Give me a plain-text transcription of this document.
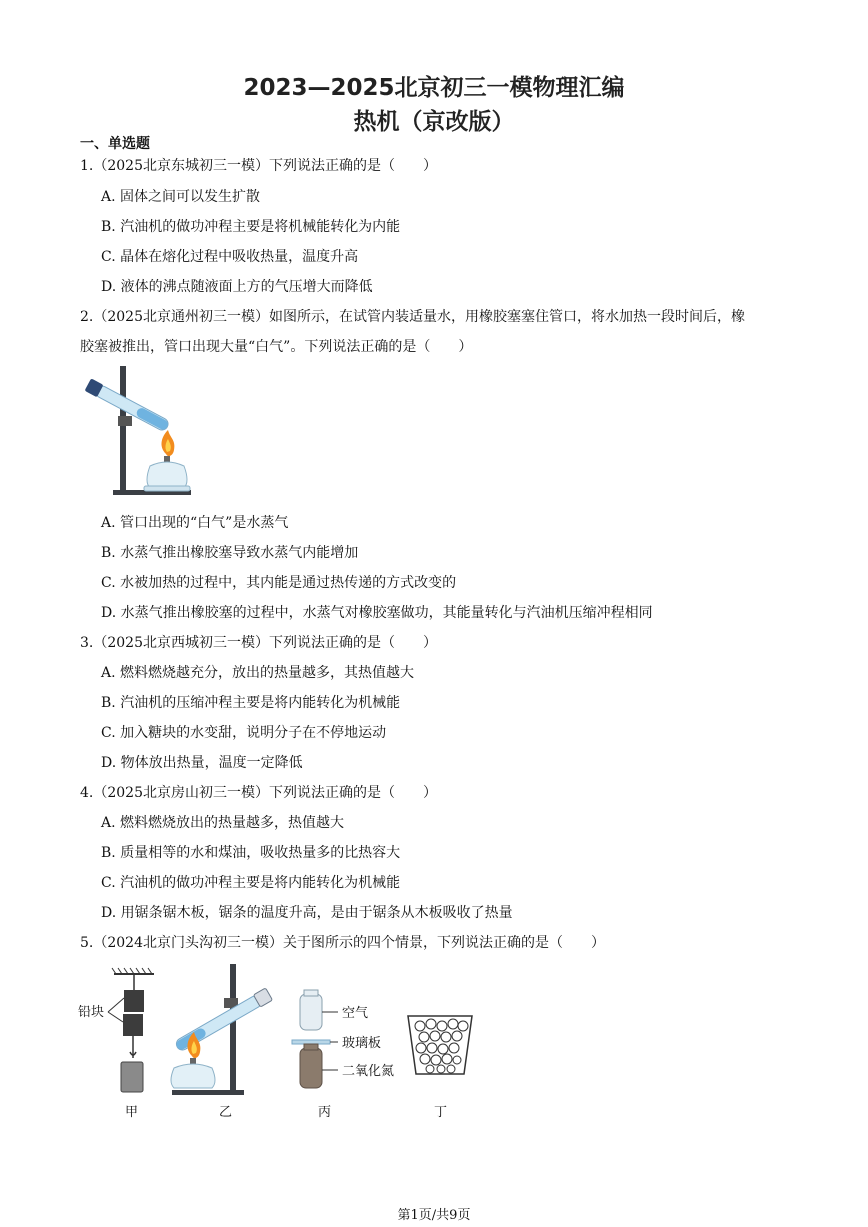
2023—2025北京初三一模物理汇编
热机（京改版）
一、单选题
1.（2025北京东城初三一模）下列说法正确的是（　　）
A. 固体之间可以发生扩散
B. 汽油机的做功冲程主要是将机械能转化为内能
C. 晶体在熔化过程中吸收热量，温度升高
D. 液体的沸点随液面上方的气压增大而降低
2.（2025北京通州初三一模）如图所示，在试管内装适量水，用橡胶塞塞住管口，将水加热一段时间后，橡
胶塞被推出，管口出现大量“白气”。下列说法正确的是（　　）
A. 管口出现的“白气”是水蒸气
B. 水蒸气推出橡胶塞导致水蒸气内能增加
C. 水被加热的过程中，其内能是通过热传递的方式改变的
D. 水蒸气推出橡胶塞的过程中，水蒸气对橡胶塞做功，其能量转化与汽油机压缩冲程相同
3.（2025北京西城初三一模）下列说法正确的是（　　）
A. 燃料燃烧越充分，放出的热量越多，其热值越大
B. 汽油机的压缩冲程主要是将内能转化为机械能
C. 加入糖块的水变甜，说明分子在不停地运动
D. 物体放出热量，温度一定降低
4.（2025北京房山初三一模）下列说法正确的是（　　）
A. 燃料燃烧放出的热量越多，热值越大
B. 质量相等的水和煤油，吸收热量多的比热容大
C. 汽油机的做功冲程主要是将内能转化为机械能
D. 用锯条锯木板，锯条的温度升高，是由于锯条从木板吸收了热量
5.（2024北京门头沟初三一模）关于图所示的四个情景，下列说法正确的是（　　）
铅块
甲	乙
空气
玻璃板
二氧化氮
丙	丁
第1页/共9页
